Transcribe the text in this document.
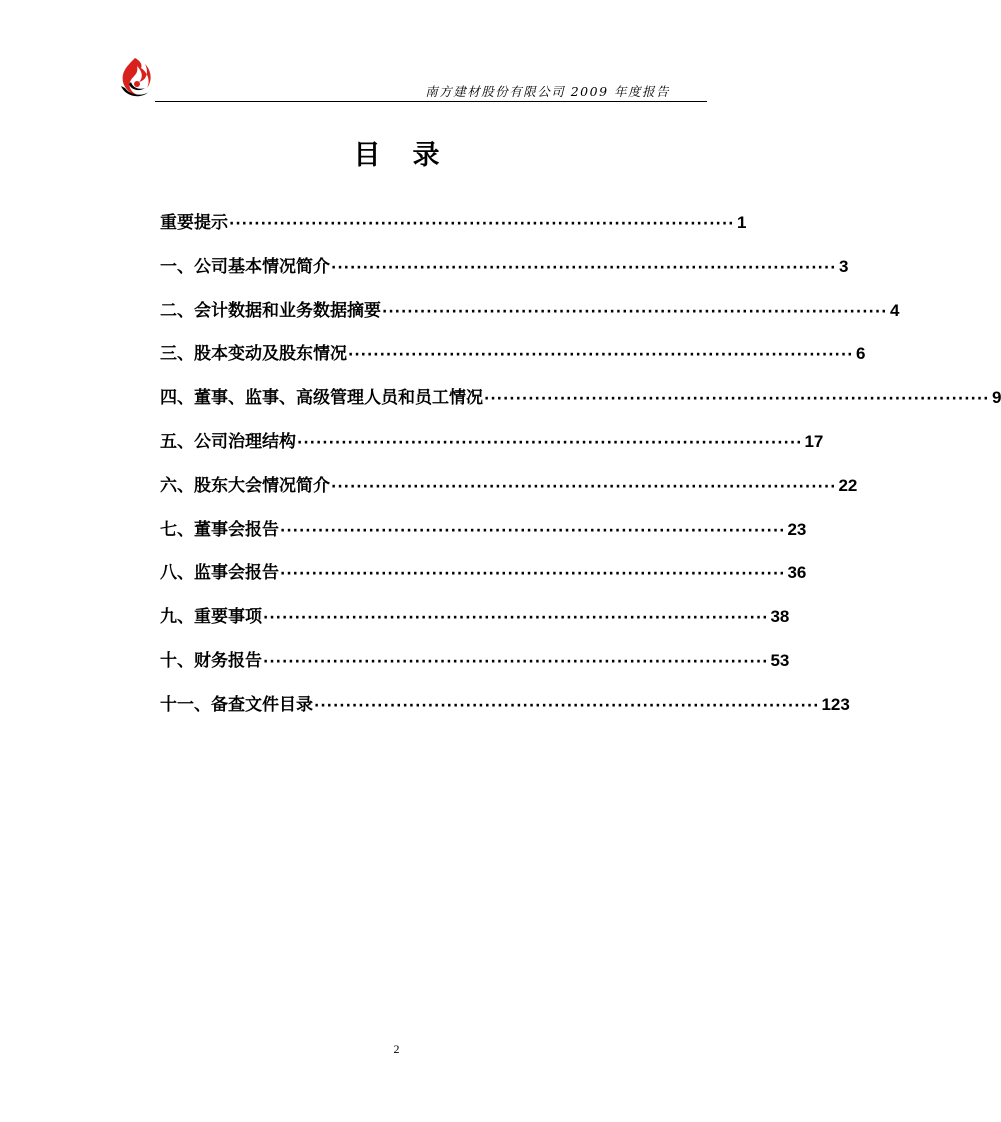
南方建材股份有限公司 2009 年度报告
目 录
重要提示 ················································································ 1
一、公司基本情况简介 ················································································ 3
二、会计数据和业务数据摘要 ················································································ 4
三、股本变动及股东情况 ················································································ 6
四、董事、监事、高级管理人员和员工情况 ················································································ 9
五、公司治理结构 ················································································ 17
六、股东大会情况简介 ················································································ 22
七、董事会报告 ················································································ 23
八、监事会报告 ················································································ 36
九、重要事项 ················································································ 38
十、财务报告 ················································································ 53
十一、备查文件目录 ················································································ 123
2
